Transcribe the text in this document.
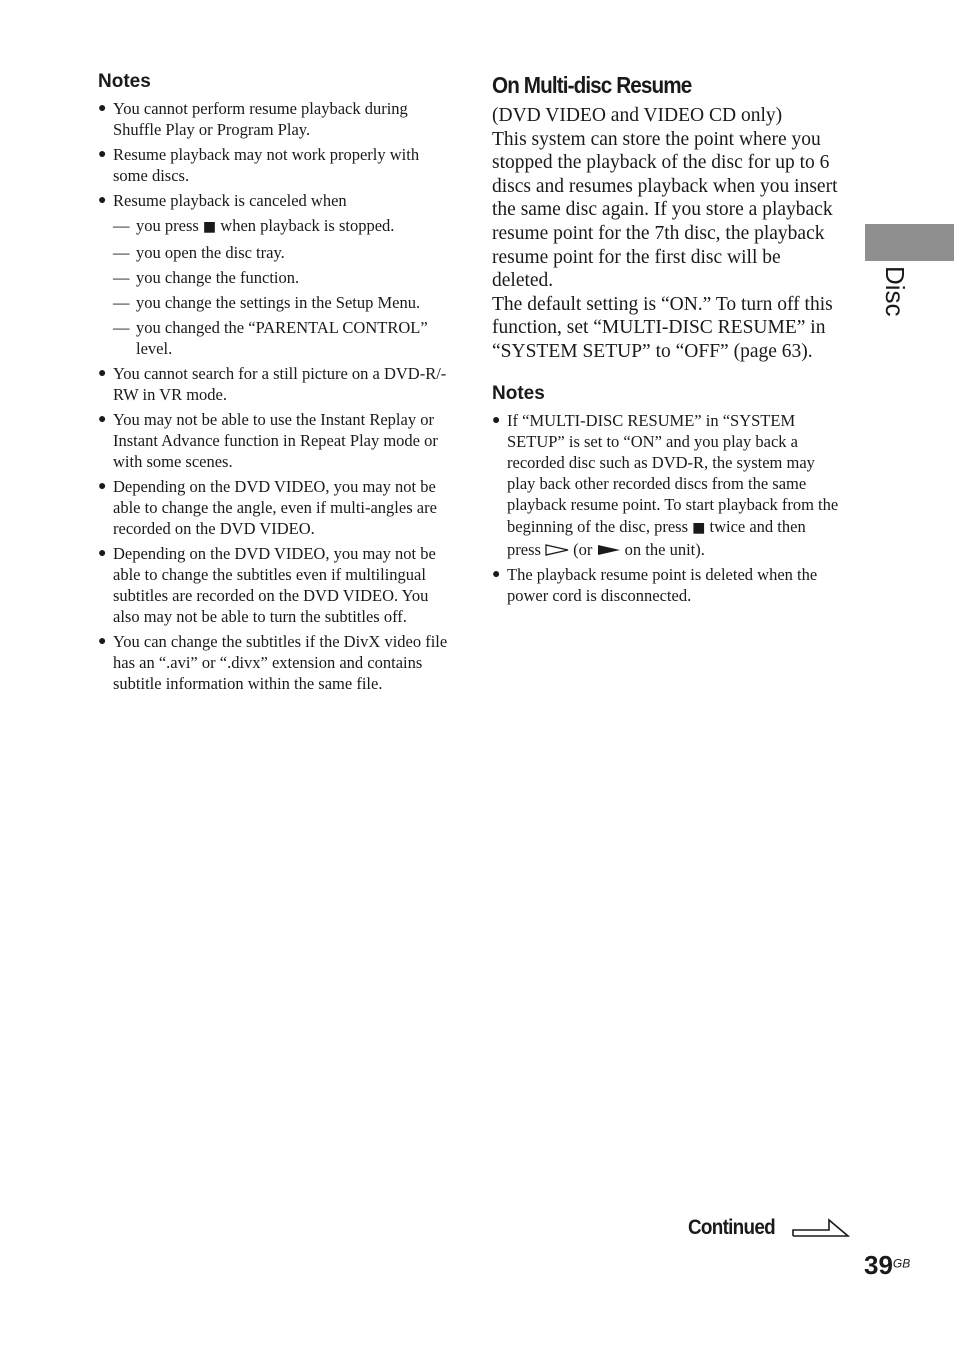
Notes
● You cannot perform resume playback during Shuffle Play or Program Play.
● Resume playback may not work properly with some discs.
● Resume playback is canceled when
— you press ■ when playback is stopped.
— you open the disc tray.
— you change the function.
— you change the settings in the Setup Menu.
— you changed the “PARENTAL CONTROL” level.
● You cannot search for a still picture on a DVD-R/-RW in VR mode.
● You may not be able to use the Instant Replay or Instant Advance function in Repeat Play mode or with some scenes.
● Depending on the DVD VIDEO, you may not be able to change the angle, even if multi-angles are recorded on the DVD VIDEO.
● Depending on the DVD VIDEO, you may not be able to change the subtitles even if multilingual subtitles are recorded on the DVD VIDEO. You also may not be able to turn the subtitles off.
● You can change the subtitles if the DivX video file has an “.avi” or “.divx” extension and contains subtitle information within the same file.
On Multi-disc Resume

(DVD VIDEO and VIDEO CD only)

This system can store the point where you stopped the playback of the disc for up to 6 discs and resumes playback when you insert the same disc again. If you store a playback resume point for the 7th disc, the playback resume point for the first disc will be deleted.

The default setting is “ON.” To turn off this function, set “MULTI-DISC RESUME” in “SYSTEM SETUP” to “OFF” (page 63).

Notes
● If “MULTI-DISC RESUME” in “SYSTEM SETUP” is set to “ON” and you play back a recorded disc such as DVD-R, the system may play back other recorded discs from the same playback resume point. To start playback from the beginning of the disc, press ■ twice and then press (or on the unit).
● The playback resume point is deleted when the power cord is disconnected.
Disc
Continued
$39^{GB}$
